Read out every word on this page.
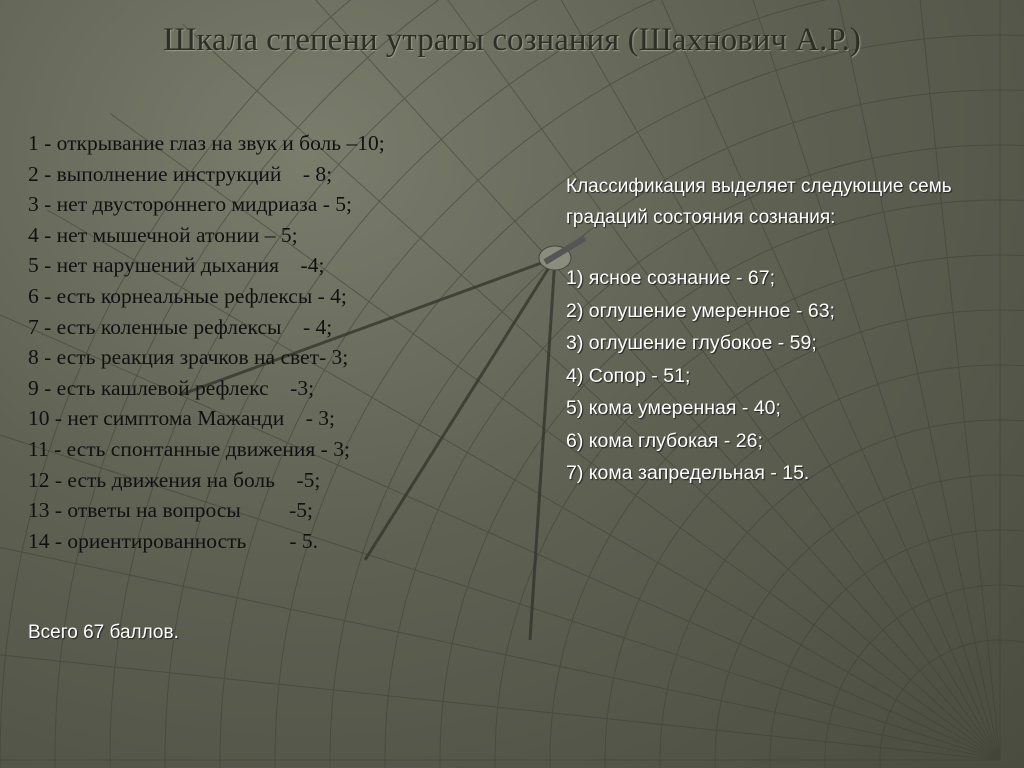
Шкала степени утраты сознания (Шахнович А.Р.)
1 - открывание глаз на звук и боль –10;
2 - выполнение инструкций    - 8;
3 - нет двустороннего мидриаза - 5;
4 - нет мышечной атонии – 5;
5 - нет нарушений дыхания    -4;
6 - есть корнеальные рефлексы - 4;
7 - есть коленные рефлексы    - 4;
8 - есть реакция зрачков на свет- 3;
9 - есть кашлевой рефлекс    -3;
10 - нет симптома Мажанди    - 3;
11 - есть спонтанные движения - 3;
12 - есть движения на боль    -5;
13 - ответы на вопросы         -5;
14 - ориентированность        - 5.
Всего 67 баллов.
Классификация выделяет следующие семь градаций состояния сознания:
1) ясное сознание - 67;
2) оглушение умеренное - 63;
3) оглушение глубокое - 59;
4) Сопор - 51;
5) кома умеренная - 40;
6) кома глубокая - 26;
7) кома запредельная - 15.
